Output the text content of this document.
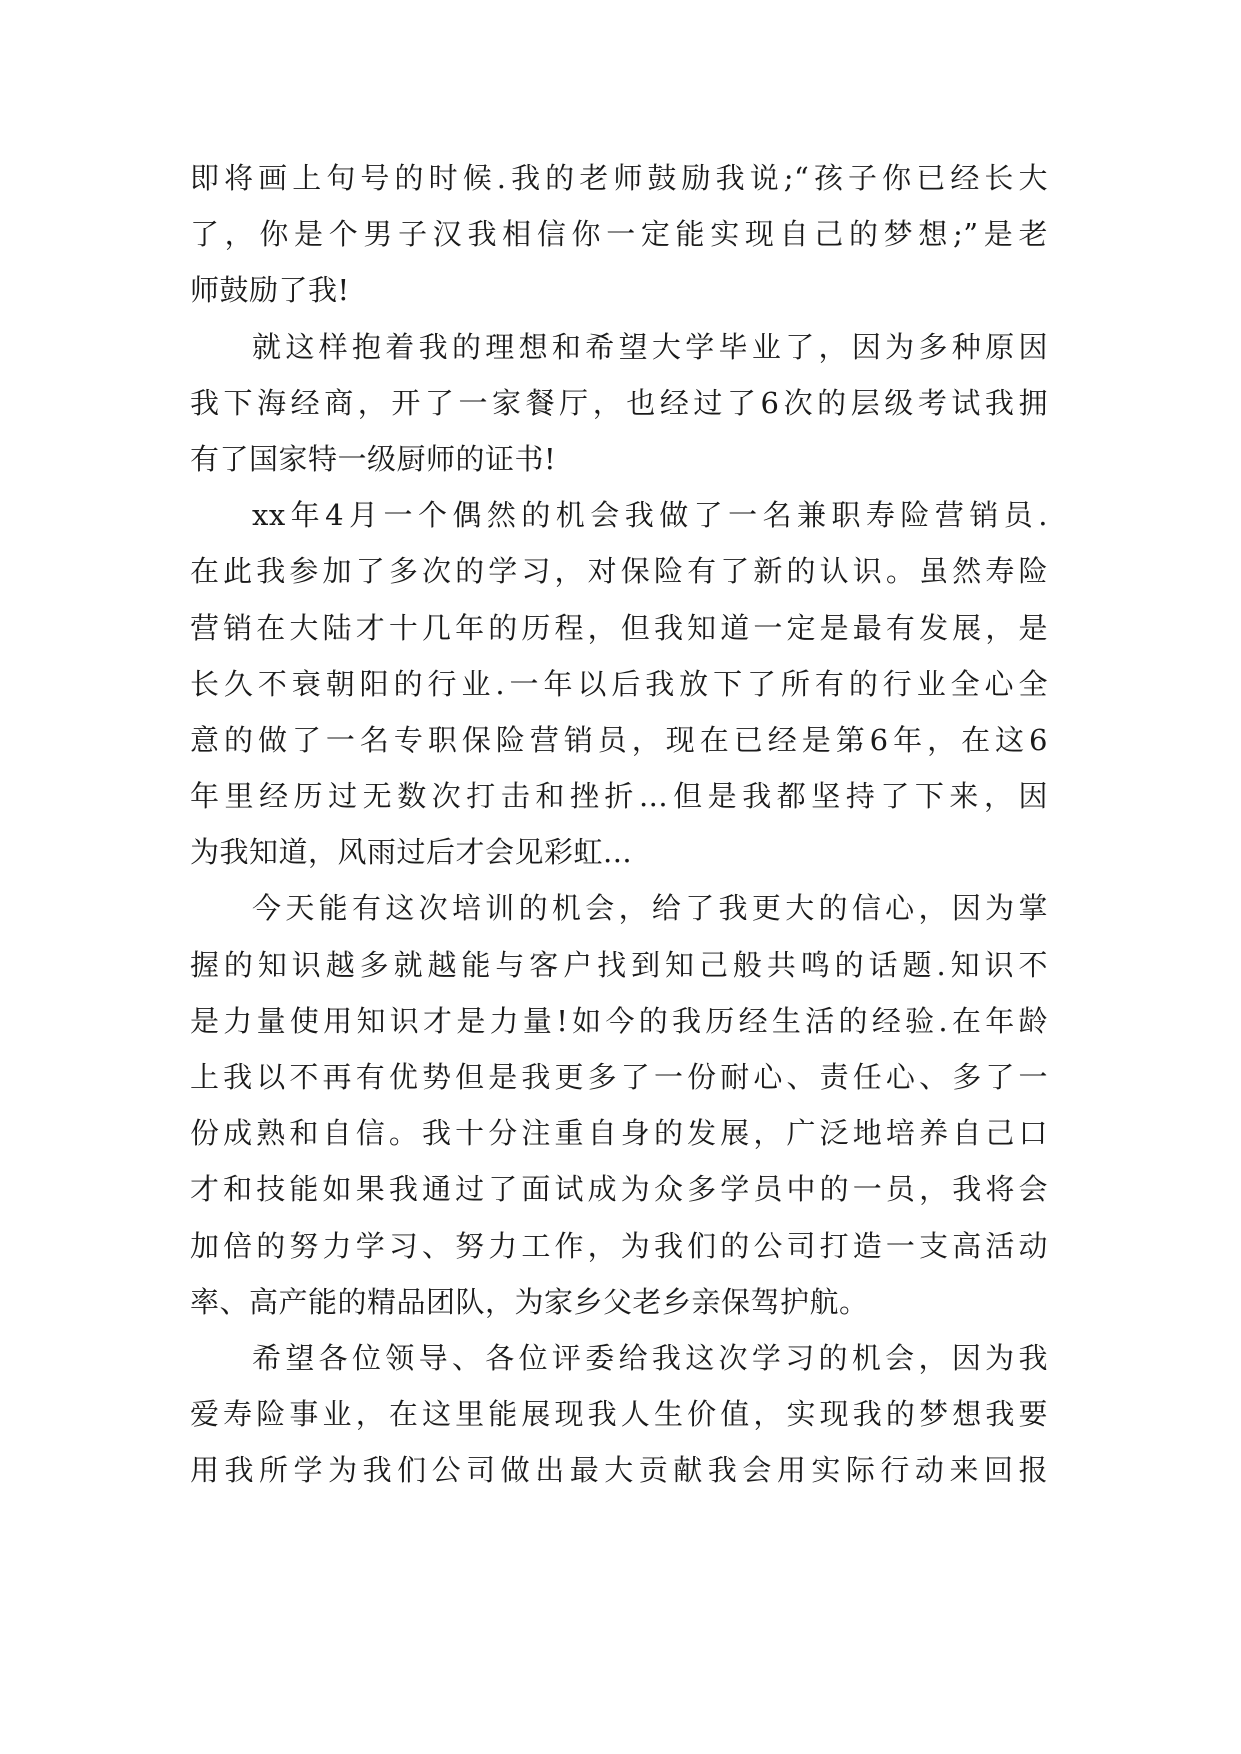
即将画上句号的时候.我的老师鼓励我说;“孩子你已经长大
了，你是个男子汉我相信你一定能实现自己的梦想;”是老
师鼓励了我!
就这样抱着我的理想和希望大学毕业了，因为多种原因
我下海经商，开了一家餐厅，也经过了6次的层级考试我拥
有了国家特一级厨师的证书!
xx年4月一个偶然的机会我做了一名兼职寿险营销员.
在此我参加了多次的学习，对保险有了新的认识。虽然寿险
营销在大陆才十几年的历程，但我知道一定是最有发展，是
长久不衰朝阳的行业.一年以后我放下了所有的行业全心全
意的做了一名专职保险营销员，现在已经是第6年，在这6
年里经历过无数次打击和挫折...但是我都坚持了下来，因
为我知道，风雨过后才会见彩虹...
今天能有这次培训的机会，给了我更大的信心，因为掌
握的知识越多就越能与客户找到知己般共鸣的话题.知识不
是力量使用知识才是力量!如今的我历经生活的经验.在年龄
上我以不再有优势但是我更多了一份耐心、责任心、多了一
份成熟和自信。我十分注重自身的发展，广泛地培养自己口
才和技能如果我通过了面试成为众多学员中的一员，我将会
加倍的努力学习、努力工作，为我们的公司打造一支高活动
率、高产能的精品团队，为家乡父老乡亲保驾护航。
希望各位领导、各位评委给我这次学习的机会，因为我
爱寿险事业，在这里能展现我人生价值，实现我的梦想我要
用我所学为我们公司做出最大贡献我会用实际行动来回报
